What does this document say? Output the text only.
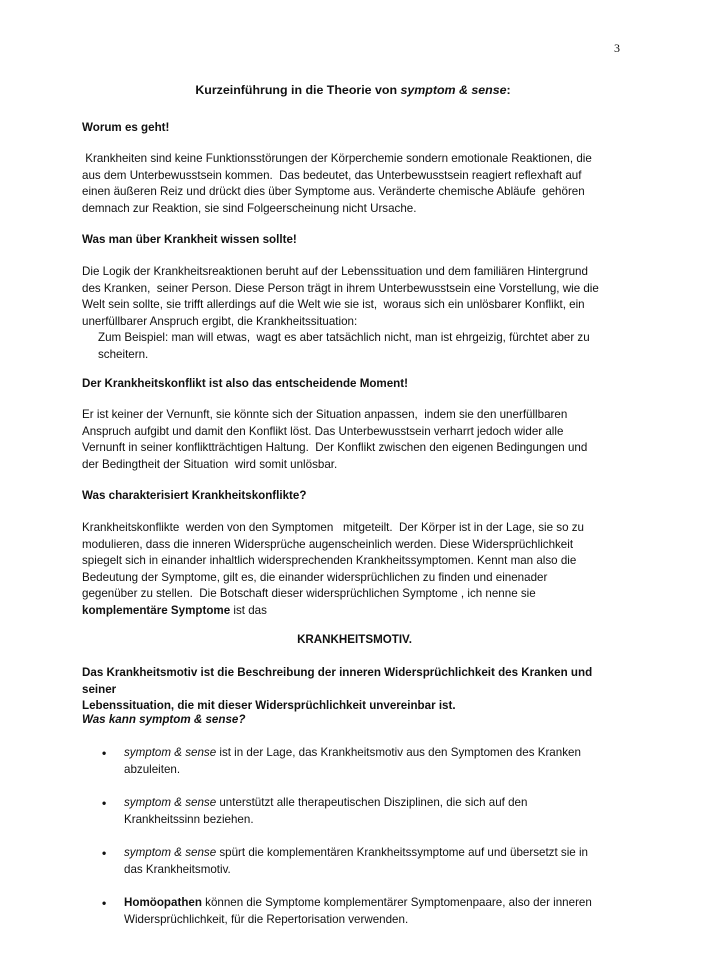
3
Kurzeinführung in die Theorie von symptom & sense:
Worum es geht!
Krankheiten sind keine Funktionsstörungen der Körperchemie sondern emotionale Reaktionen, die
aus dem Unterbewusstsein kommen.  Das bedeutet, das Unterbewusstsein reagiert reflexhaft auf
einen äußeren Reiz und drückt dies über Symptome aus. Veränderte chemische Abläufe  gehören
demnach zur Reaktion, sie sind Folgeerscheinung nicht Ursache.
Was man über Krankheit wissen sollte!
Die Logik der Krankheitsreaktionen beruht auf der Lebenssituation und dem familiären Hintergrund
des Kranken,  seiner Person. Diese Person trägt in ihrem Unterbewusstsein eine Vorstellung, wie die
Welt sein sollte, sie trifft allerdings auf die Welt wie sie ist,  woraus sich ein unlösbarer Konflikt, ein
unerfüllbarer Anspruch ergibt, die Krankheitssituation:
Zum Beispiel: man will etwas,  wagt es aber tatsächlich nicht, man ist ehrgeizig, fürchtet aber zu
scheitern.
Der Krankheitskonflikt ist also das entscheidende Moment!
Er ist keiner der Vernunft, sie könnte sich der Situation anpassen,  indem sie den unerfüllbaren
Anspruch aufgibt und damit den Konflikt löst. Das Unterbewusstsein verharrt jedoch wider alle
Vernunft in seiner konfliktträchtigen Haltung.  Der Konflikt zwischen den eigenen Bedingungen und
der Bedingtheit der Situation  wird somit unlösbar.
Was charakterisiert Krankheitskonflikte?
Krankheitskonflikte  werden von den Symptomen   mitgeteilt.  Der Körper ist in der Lage, sie so zu
modulieren, dass die inneren Widersprüche augenscheinlich werden. Diese Widersprüchlichkeit
spiegelt sich in einander inhaltlich widersprechenden Krankheitssymptomen. Kennt man also die
Bedeutung der Symptome, gilt es, die einander widersprüchlichen zu finden und einenader
gegenüber zu stellen.  Die Botschaft dieser widersprüchlichen Symptome , ich nenne sie
komplementäre Symptome ist das
KRANKHEITSMOTIV.
Das Krankheitsmotiv ist die Beschreibung der inneren Widersprüchlichkeit des Kranken und seiner
Lebenssituation, die mit dieser Widersprüchlichkeit unvereinbar ist.
Was kann symptom & sense?
• symptom & sense ist in der Lage, das Krankheitsmotiv aus den Symptomen des Kranken
abzuleiten.
• symptom & sense unterstützt alle therapeutischen Disziplinen, die sich auf den
Krankheitssinn beziehen.
• symptom & sense spürt die komplementären Krankheitssymptome auf und übersetzt sie in
das Krankheitsmotiv.
• Homöopathen können die Symptome komplementärer Symptomenpaare, also der inneren
Widersprüchlichkeit, für die Repertorisation verwenden.
